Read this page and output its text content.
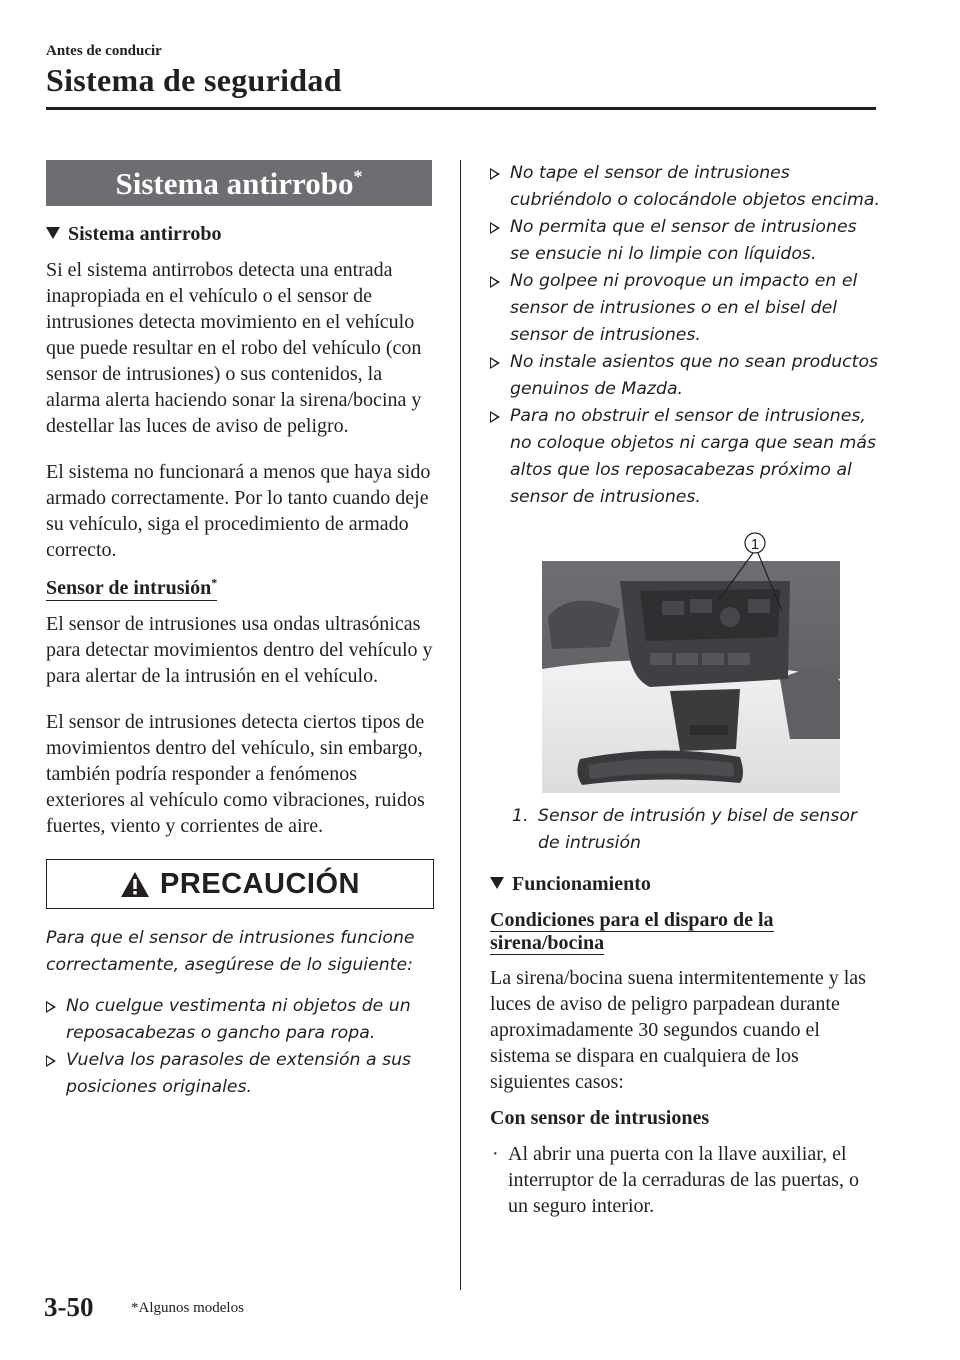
Antes de conducir
Sistema de seguridad
Sistema antirrobo*
Sistema antirrobo

Si el sistema antirrobos detecta una entrada inapropiada en el vehículo o el sensor de intrusiones detecta movimiento en el vehículo que puede resultar en el robo del vehículo (con sensor de intrusiones) o sus contenidos, la alarma alerta haciendo sonar la sirena/bocina y destellar las luces de aviso de peligro.

El sistema no funcionará a menos que haya sido armado correctamente. Por lo tanto cuando deje su vehículo, siga el procedimiento de armado correcto.

Sensor de intrusión*

El sensor de intrusiones usa ondas ultrasónicas para detectar movimientos dentro del vehículo y para alertar de la intrusión en el vehículo.

El sensor de intrusiones detecta ciertos tipos de movimientos dentro del vehículo, sin embargo, también podría responder a fenómenos exteriores al vehículo como vibraciones, ruidos fuertes, viento y corrientes de aire.

PRECAUCIÓN

Para que el sensor de intrusiones funcione correctamente, asegúrese de lo siguiente:

No cuelgue vestimenta ni objetos de un reposacabezas o gancho para ropa.
Vuelva los parasoles de extensión a sus posiciones originales.
No tape el sensor de intrusiones cubriéndolo o colocándole objetos encima.
No permita que el sensor de intrusiones se ensucie ni lo limpie con líquidos.
No golpee ni provoque un impacto en el sensor de intrusiones o en el bisel del sensor de intrusiones.
No instale asientos que no sean productos genuinos de Mazda.
Para no obstruir el sensor de intrusiones, no coloque objetos ni carga que sean más altos que los reposacabezas próximo al sensor de intrusiones.
1
1. Sensor de intrusión y bisel de sensor de intrusión
Funcionamiento
Condiciones para el disparo de la sirena/bocina

La sirena/bocina suena intermitentemente y las luces de aviso de peligro parpadean durante aproximadamente 30 segundos cuando el sistema se dispara en cualquiera de los siguientes casos:

Con sensor de intrusiones

· Al abrir una puerta con la llave auxiliar, el interruptor de la cerraduras de las puertas, o un seguro interior.
3-50	*Algunos modelos
